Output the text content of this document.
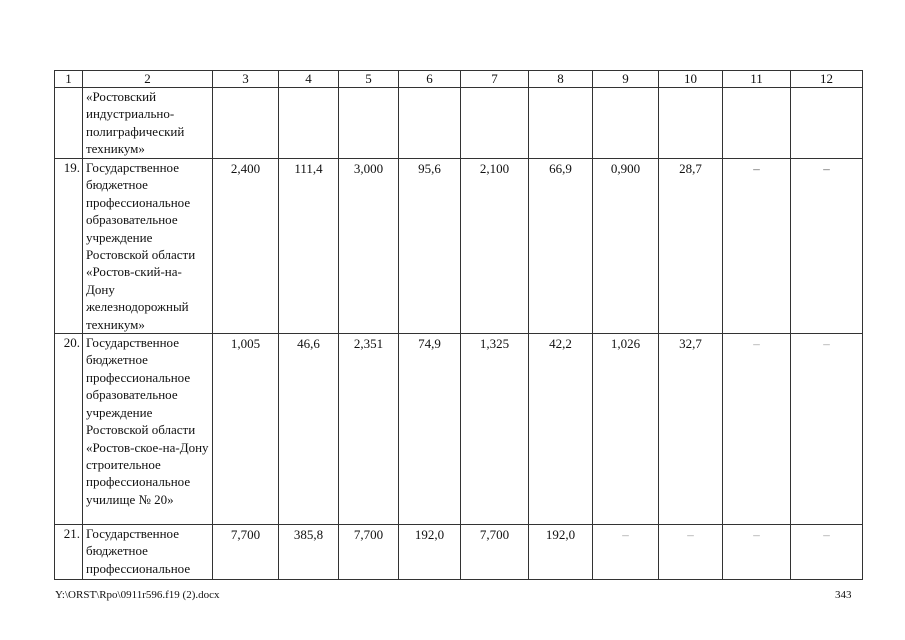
1	2	3	4	5	6	7	8	9	10	11	12
	«Ростовский индустриально-полиграфический техникум»										
19.	Государственное бюджетное профессиональное образовательное учреждение Ростовской области «Ростов-ский-на-Дону железнодорожный техникум»	2,400	111,4	3,000	95,6	2,100	66,9	0,900	28,7	–	–
20.	Государственное бюджетное профессиональное образовательное учреждение Ростовской области «Ростов-ское-на-Дону строительное профессиональное училище № 20»	1,005	46,6	2,351	74,9	1,325	42,2	1,026	32,7	–	–
21.	Государственное бюджетное профессиональное	7,700	385,8	7,700	192,0	7,700	192,0	–	–	–	–
Y:\ORST\Rpo\0911r596.f19 (2).docx	343
